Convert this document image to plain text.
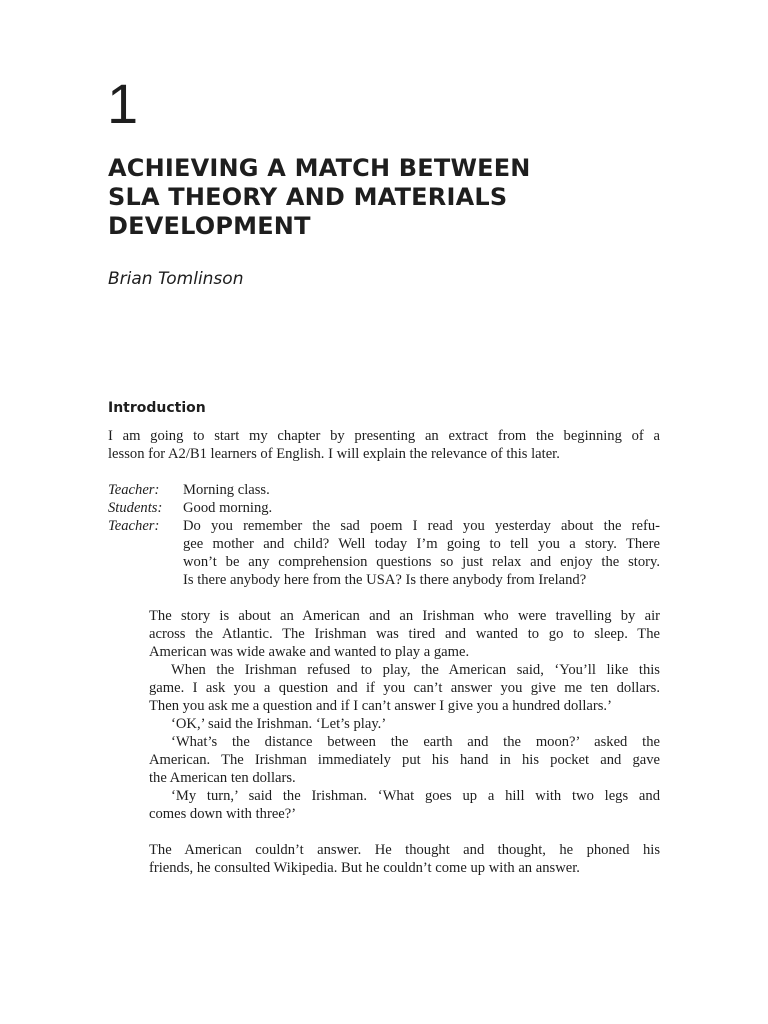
1
ACHIEVING A MATCH BETWEEN
SLA THEORY AND MATERIALS
DEVELOPMENT
Brian Tomlinson
Introduction
I am going to start my chapter by presenting an extract from the beginning of a
lesson for A2/B1 learners of English. I will explain the relevance of this later.
Teacher: Morning class.
Students: Good morning.
Teacher: Do you remember the sad poem I read you yesterday about the refu-
gee mother and child? Well today I’m going to tell you a story. There
won’t be any comprehension questions so just relax and enjoy the story.
Is there anybody here from the USA? Is there anybody from Ireland?
The story is about an American and an Irishman who were travelling by air
across the Atlantic. The Irishman was tired and wanted to go to sleep. The
American was wide awake and wanted to play a game.
When the Irishman refused to play, the American said, ‘You’ll like this
game. I ask you a question and if you can’t answer you give me ten dollars.
Then you ask me a question and if I can’t answer I give you a hundred dollars.’
‘OK,’ said the Irishman. ‘Let’s play.’
‘What’s the distance between the earth and the moon?’ asked the
American. The Irishman immediately put his hand in his pocket and gave
the American ten dollars.
‘My turn,’ said the Irishman. ‘What goes up a hill with two legs and
comes down with three?’
The American couldn’t answer. He thought and thought, he phoned his
friends, he consulted Wikipedia. But he couldn’t come up with an answer.
